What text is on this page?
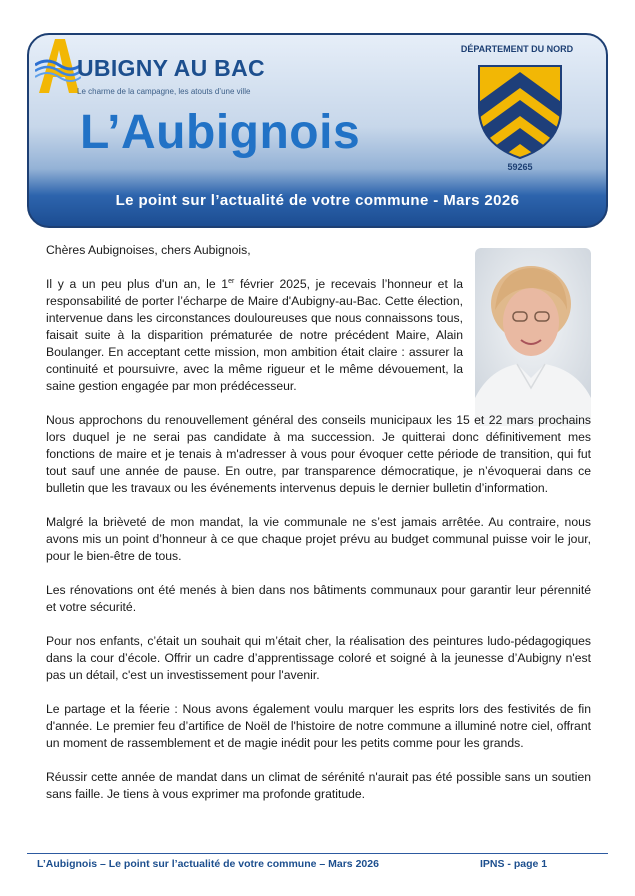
UBIGNY AU BAC
Le charme de la campagne, les atouts d’une ville
DÉPARTEMENT DU NORD
59265
L’Aubignois
Le point sur l’actualité de votre commune - Mars 2026

Chères Aubignoises, chers Aubignois,

Il y a un peu plus d'un an, le 1er février 2025, je recevais l’honneur et la responsabilité de porter l’écharpe de Maire d'Aubigny-au-Bac. Cette élection, intervenue dans les circonstances douloureuses que nous connaissons tous, faisait suite à la disparition prématurée de notre précédent Maire, Alain Boulanger. En acceptant cette mission, mon ambition était claire : assurer la continuité et poursuivre, avec la même rigueur et le même dévouement, la saine gestion engagée par mon prédécesseur.

Nous approchons du renouvellement général des conseils municipaux les 15 et 22 mars prochains lors duquel je ne serai pas candidate à ma succession. Je quitterai donc définitivement mes fonctions de maire et je tenais à m'adresser à vous pour évoquer cette période de transition, qui fut tout sauf une année de pause. En outre, par transparence démocratique, je n’évoquerai dans ce bulletin que les travaux ou les événements intervenus depuis le dernier bulletin d’information.

Malgré la brièveté de mon mandat, la vie communale ne s’est jamais arrêtée. Au contraire, nous avons mis un point d’honneur à ce que chaque projet prévu au budget communal puisse voir le jour, pour le bien-être de tous.

Les rénovations ont été menés à bien dans nos bâtiments communaux pour garantir leur pérennité et votre sécurité.

Pour nos enfants, c’était un souhait qui m’était cher, la réalisation des peintures ludo-pédagogiques dans la cour d’école. Offrir un cadre d’apprentissage coloré et soigné à la jeunesse d’Aubigny n'est pas un détail, c'est un investissement pour l'avenir.

Le partage et la féerie : Nous avons également voulu marquer les esprits lors des festivités de fin d'année. Le premier feu d’artifice de Noël de l'histoire de notre commune a illuminé notre ciel, offrant un moment de rassemblement et de magie inédit pour les petits comme pour les grands.

Réussir cette année de mandat dans un climat de sérénité n'aurait pas été possible sans un soutien sans faille. Je tiens à vous exprimer ma profonde gratitude.

L’Aubignois – Le point sur l’actualité de votre commune – Mars 2026	IPNS - page 1
